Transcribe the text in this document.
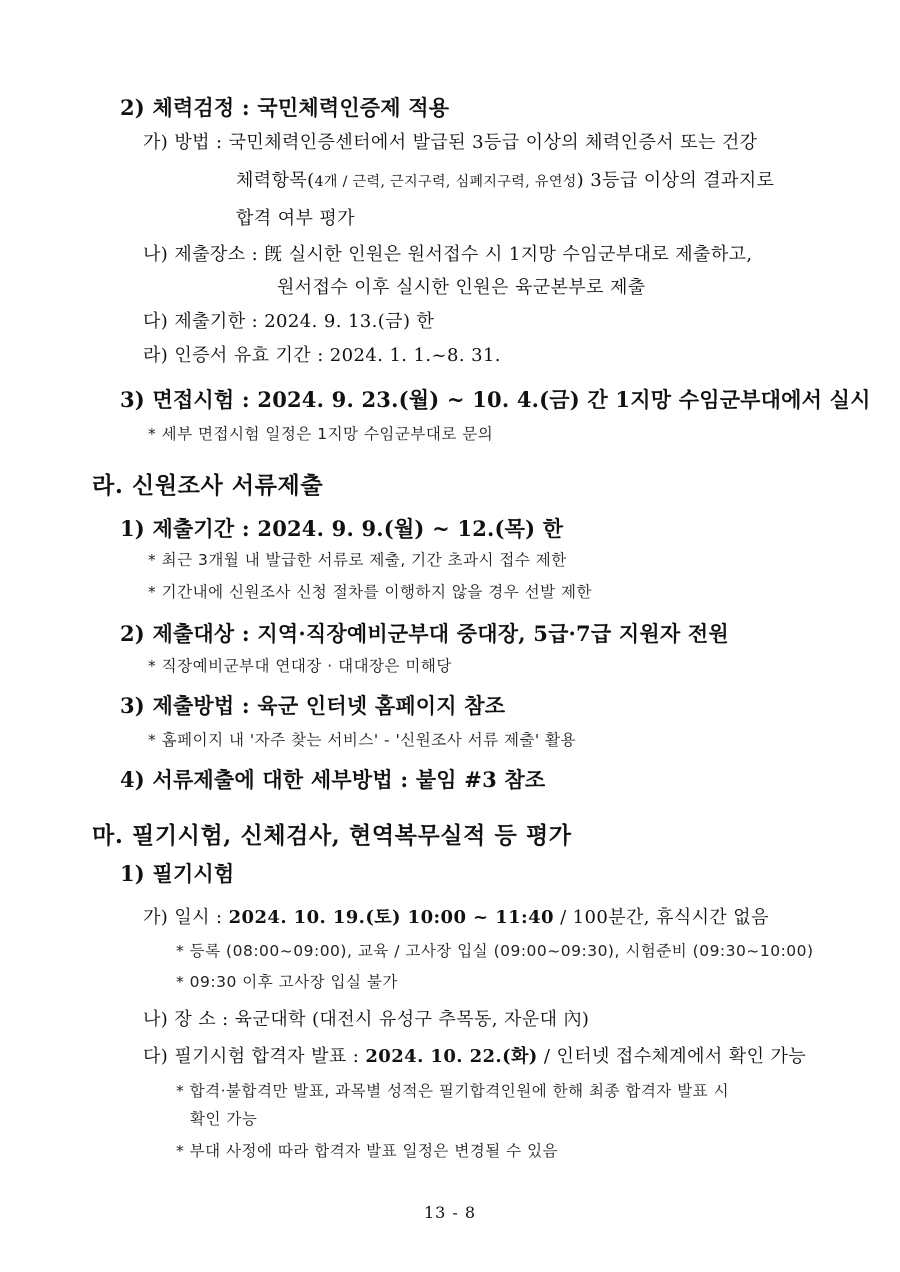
2) 체력검정 : 국민체력인증제 적용
가) 방법 : 국민체력인증센터에서 발급된 3등급 이상의 체력인증서 또는 건강
체력항목(4개 / 근력, 근지구력, 심폐지구력, 유연성) 3등급 이상의 결과지로
합격 여부 평가
나) 제출장소 : 旣 실시한 인원은 원서접수 시 1지망 수임군부대로 제출하고,
원서접수 이후 실시한 인원은 육군본부로 제출
다) 제출기한 : 2024. 9. 13.(금) 한
라) 인증서 유효 기간 : 2024. 1. 1.~8. 31.
3) 면접시험 : 2024. 9. 23.(월) ~ 10. 4.(금) 간 1지망 수임군부대에서 실시
* 세부 면접시험 일정은 1지망 수임군부대로 문의
라. 신원조사 서류제출
1) 제출기간 : 2024. 9. 9.(월) ~ 12.(목) 한
* 최근 3개월 내 발급한 서류로 제출, 기간 초과시 접수 제한
* 기간내에 신원조사 신청 절차를 이행하지 않을 경우 선발 제한
2) 제출대상 : 지역·직장예비군부대 중대장, 5급·7급 지원자 전원
* 직장예비군부대 연대장 · 대대장은 미해당
3) 제출방법 : 육군 인터넷 홈페이지 참조
* 홈페이지 내 '자주 찾는 서비스' - '신원조사 서류 제출' 활용
4) 서류제출에 대한 세부방법 : 붙임 #3 참조
마. 필기시험, 신체검사, 현역복무실적 등 평가
1) 필기시험
가) 일시 : 2024. 10. 19.(토) 10:00 ~ 11:40 / 100분간, 휴식시간 없음
* 등록 (08:00~09:00), 교육 / 고사장 입실 (09:00~09:30), 시험준비 (09:30~10:00)
* 09:30 이후 고사장 입실 불가
나) 장 소 : 육군대학 (대전시 유성구 추목동, 자운대 內)
다) 필기시험 합격자 발표 : 2024. 10. 22.(화) / 인터넷 접수체계에서 확인 가능
* 합격·불합격만 발표, 과목별 성적은 필기합격인원에 한해 최종 합격자 발표 시
확인 가능
* 부대 사정에 따라 합격자 발표 일정은 변경될 수 있음
13 - 8
